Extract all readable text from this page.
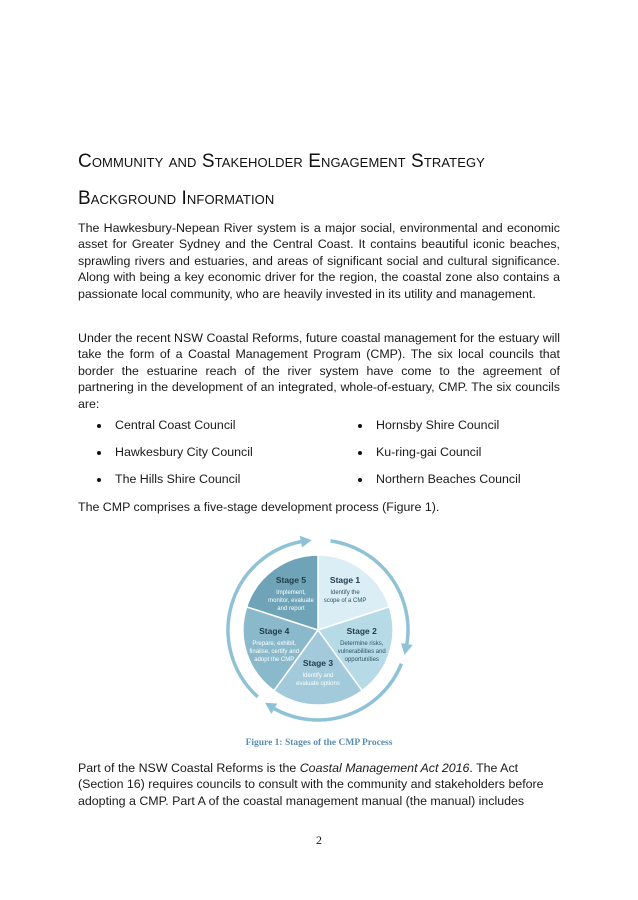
Community and Stakeholder Engagement Strategy
Background Information

The Hawkesbury-Nepean River system is a major social, environmental and economic asset for Greater Sydney and the Central Coast. It contains beautiful iconic beaches, sprawling rivers and estuaries, and areas of significant social and cultural significance. Along with being a key economic driver for the region, the coastal zone also contains a passionate local community, who are heavily invested in its utility and management.

Under the recent NSW Coastal Reforms, future coastal management for the estuary will take the form of a Coastal Management Program (CMP). The six local councils that border the estuarine reach of the river system have come to the agreement of partnering in the development of an integrated, whole-of-estuary, CMP. The six councils are:

Central Coast Council
Hawkesbury City Council
The Hills Shire Council
Hornsby Shire Council
Ku-ring-gai Council
Northern Beaches Council

The CMP comprises a five-stage development process (Figure 1).

Stage 1
Identify the
scope of a CMP
Stage 2
Determine risks,
vulnerabilities and
opportunities
Stage 3
Identify and
evaluate options
Stage 4
Prepare, exhibit,
finalise, certify and
adopt the CMP
Stage 5
Implement,
monitor, evaluate
and report

Figure 1: Stages of the CMP Process

Part of the NSW Coastal Reforms is the Coastal Management Act 2016. The Act (Section 16) requires councils to consult with the community and stakeholders before adopting a CMP. Part A of the coastal management manual (the manual) includes

2
